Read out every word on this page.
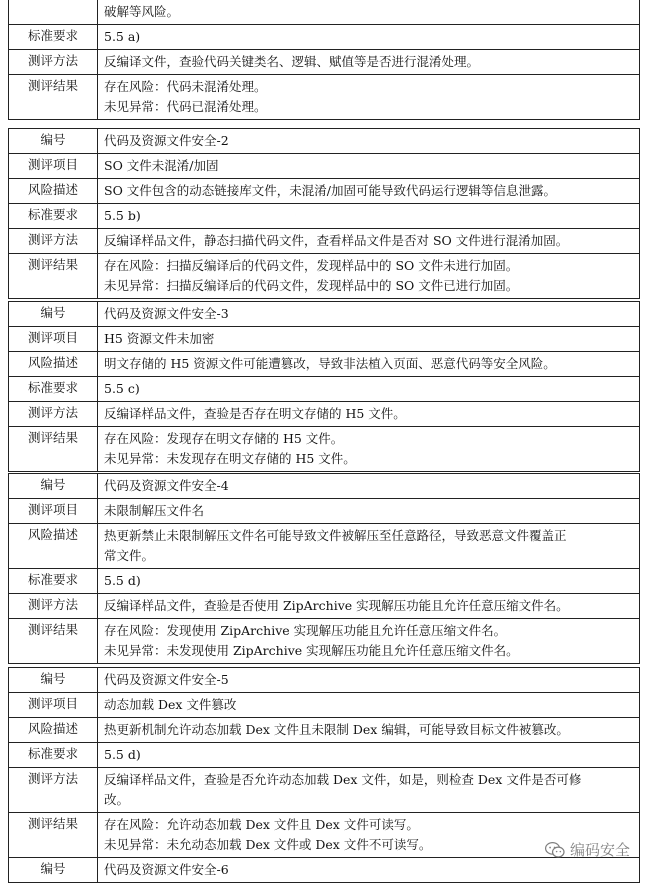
	破解等风险。

标准要求	5.5 a)

测评方法	反编译文件，查验代码关键类名、逻辑、赋值等是否进行混淆处理。

测评结果	存在风险：代码未混淆处理。
未见异常：代码已混淆处理。
编号	代码及资源文件安全-2

测评项目	SO 文件未混淆/加固

风险描述	SO 文件包含的动态链接库文件，未混淆/加固可能导致代码运行逻辑等信息泄露。

标准要求	5.5 b)

测评方法	反编译样品文件，静态扫描代码文件，查看样品文件是否对 SO 文件进行混淆加固。

测评结果	存在风险：扫描反编译后的代码文件，发现样品中的 SO 文件未进行加固。
未见异常：扫描反编译后的代码文件，发现样品中的 SO 文件已进行加固。
编号	代码及资源文件安全-3

测评项目	H5 资源文件未加密

风险描述	明文存储的 H5 资源文件可能遭篡改，导致非法植入页面、恶意代码等安全风险。

标准要求	5.5 c)

测评方法	反编译样品文件，查验是否存在明文存储的 H5 文件。

测评结果	存在风险：发现存在明文存储的 H5 文件。
未见异常：未发现存在明文存储的 H5 文件。
编号	代码及资源文件安全-4

测评项目	未限制解压文件名

风险描述	热更新禁止未限制解压文件名可能导致文件被解压至任意路径，导致恶意文件覆盖正
常文件。

标准要求	5.5 d)

测评方法	反编译样品文件，查验是否使用 ZipArchive 实现解压功能且允许任意压缩文件名。

测评结果	存在风险：发现使用 ZipArchive 实现解压功能且允许任意压缩文件名。
未见异常：未发现使用 ZipArchive 实现解压功能且允许任意压缩文件名。
编号	代码及资源文件安全-5

测评项目	动态加载 Dex 文件篡改

风险描述	热更新机制允许动态加载 Dex 文件且未限制 Dex 编辑，可能导致目标文件被篡改。

标准要求	5.5 d)

测评方法	反编译样品文件，查验是否允许动态加载 Dex 文件，如是，则检查 Dex 文件是否可修
改。

测评结果	存在风险：允许动态加载 Dex 文件且 Dex 文件可读写。
未见异常：未允动态加载 Dex 文件或 Dex 文件不可读写。
编号	代码及资源文件安全-6
编码安全
